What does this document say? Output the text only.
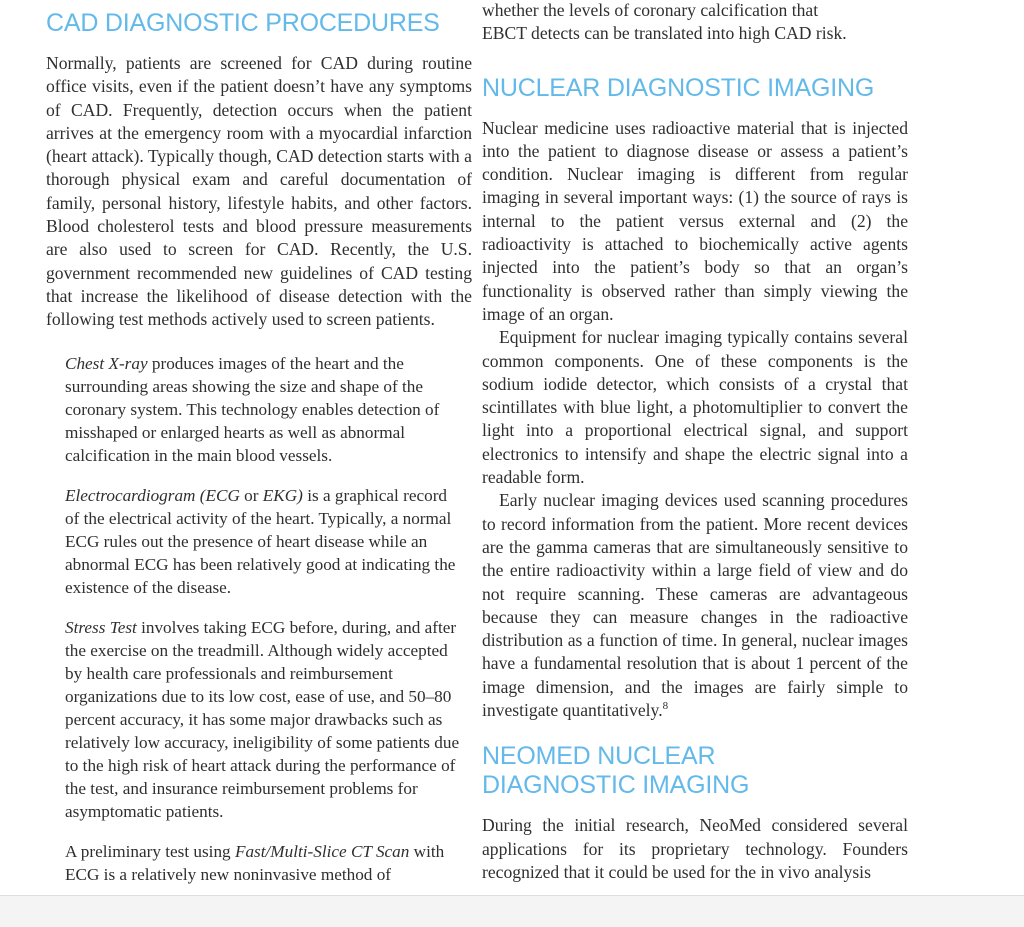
CAD DIAGNOSTIC PROCEDURES

Normally, patients are screened for CAD during routine office visits, even if the patient doesn’t have any symptoms of CAD. Frequently, detection occurs when the patient arrives at the emergency room with a myocardial infarction (heart attack). Typically though, CAD detection starts with a thorough physical exam and careful documentation of family, personal history, lifestyle habits, and other factors. Blood cholesterol tests and blood pressure measurements are also used to screen for CAD. Recently, the U.S. government recommended new guidelines of CAD testing that increase the likelihood of disease detection with the following test methods actively used to screen patients.

Chest X-ray produces images of the heart and the surrounding areas showing the size and shape of the coronary system. This technology enables detection of misshaped or enlarged hearts as well as abnormal calcification in the main blood vessels.

Electrocardiogram (ECG or EKG) is a graphical record of the electrical activity of the heart. Typically, a normal ECG rules out the presence of heart disease while an abnormal ECG has been relatively good at indicating the existence of the disease.

Stress Test involves taking ECG before, during, and after the exercise on the treadmill. Although widely accepted by health care professionals and reimbursement organizations due to its low cost, ease of use, and 50–80 percent accuracy, it has some major drawbacks such as relatively low accuracy, ineligibility of some patients due to the high risk of heart attack during the performance of the test, and insurance reimbursement problems for asymptomatic patients.

A preliminary test using Fast/Multi-Slice CT Scan with ECG is a relatively new noninvasive method of

whether the levels of coronary calcification that

EBCT detects can be translated into high CAD risk.

NUCLEAR DIAGNOSTIC IMAGING

Nuclear medicine uses radioactive material that is injected into the patient to diagnose disease or assess a patient’s condition. Nuclear imaging is different from regular imaging in several important ways: (1) the source of rays is internal to the patient versus external and (2) the radioactivity is attached to biochemically active agents injected into the patient’s body so that an organ’s functionality is observed rather than simply viewing the image of an organ.

Equipment for nuclear imaging typically contains several common components. One of these components is the sodium iodide detector, which consists of a crystal that scintillates with blue light, a photomultiplier to convert the light into a proportional electrical signal, and support electronics to intensify and shape the electric signal into a readable form.

Early nuclear imaging devices used scanning procedures to record information from the patient. More recent devices are the gamma cameras that are simultaneously sensitive to the entire radioactivity within a large field of view and do not require scanning. These cameras are advantageous because they can measure changes in the radioactive distribution as a function of time. In general, nuclear images have a fundamental resolution that is about 1 percent of the image dimension, and the images are fairly simple to investigate quantitatively.$^8$

NEOMED NUCLEAR
DIAGNOSTIC IMAGING

During the initial research, NeoMed considered several applications for its proprietary technology. Founders recognized that it could be used for the in vivo analysis
